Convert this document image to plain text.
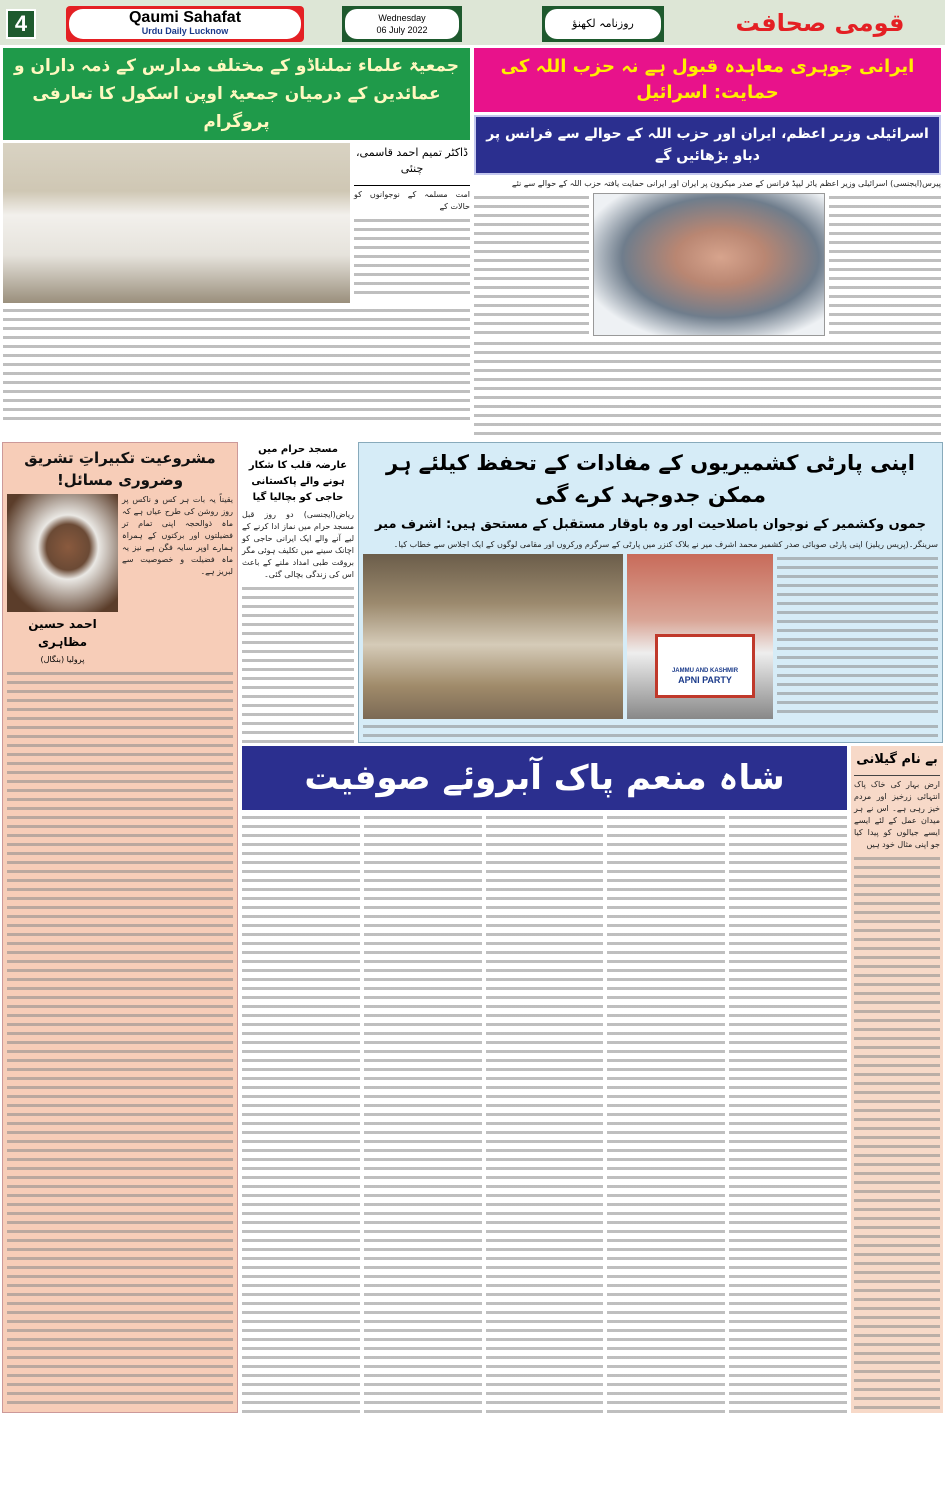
4	Qaumi Sahafat
Urdu Daily Lucknow
Wednesday
06 July 2022	روزنامہ لکھنؤ	قومی صحافت
جمعیۃ علماء تملناڈو کے مختلف مدارس کے ذمہ داران و عمائدین کے درمیان جمعیۃ اوپن اسکول کا تعارفی پروگرام
ڈاکٹر تمیم احمد قاسمی، چنئی
امت مسلمہ کے نوجوانوں کو حالات کے
ایرانی جوہری معاہدہ قبول ہے نہ حزب اللہ کی حمایت: اسرائیل
اسرائیلی وزیر اعظم، ایران اور حزب اللہ کے حوالے سے فرانس پر دباو بڑھائیں گے
پیرس(ایجنسی) اسرائیلی وزیر اعظم یائر لیپڈ فرانس کے صدر میکرون پر ایران اور ایرانی حمایت یافتہ حزب اللہ کے حوالے سے نئے
مشروعیت تکبیراتِ تشریق وضروری مسائل!
احمد حسین مظاہری
پرولیا (بنگال)
یقیناً یہ بات ہر کس و ناکس پر روز روشن کی طرح عیاں ہے کہ ماہ ذوالحجہ اپنی تمام تر فضیلتوں اور برکتوں کے ہمراہ ہمارے اوپر سایہ فگن ہے نیز یہ ماہ فضیلت و خصوصیت سے لبریز ہے۔
مسجد حرام میں عارضہ قلب کا شکار ہونے والے پاکستانی حاجی کو بچالیا گیا
ریاض(ایجنسی) دو روز قبل مسجد حرام میں نماز ادا کرنے کے لیے آنے والے ایک ایرانی حاجی کو اچانک سینے میں تکلیف ہوئی مگر بروقت طبی امداد ملنے کے باعث اس کی زندگی بچالی گئی۔
اپنی پارٹی کشمیریوں کے مفادات کے تحفظ کیلئے ہر ممکن جدوجہد کرے گی
جموں وکشمیر کے نوجوان باصلاحیت اور وہ باوقار مستقبل کے مستحق ہیں: اشرف میر
سرینگر۔(پریس ریلیز) اپنی پارٹی صوبائی صدر کشمیر محمد اشرف میر نے بلاک کنزر میں پارٹی کے سرگرم ورکروں اور مقامی لوگوں کے ایک اجلاس سے خطاب کیا۔
JAMMU AND KASHMIR
APNI PARTY
شاہ منعم پاک آبروئے صوفیت	بے نام گیلانی
ارض بہار کی خاک پاک انتہائی زرخیز اور مردم خیز رہی ہے۔ اس نے ہر میدان عمل کے لئے ایسے ایسے جیالوں کو پیدا کیا جو اپنی مثال خود ہیں
